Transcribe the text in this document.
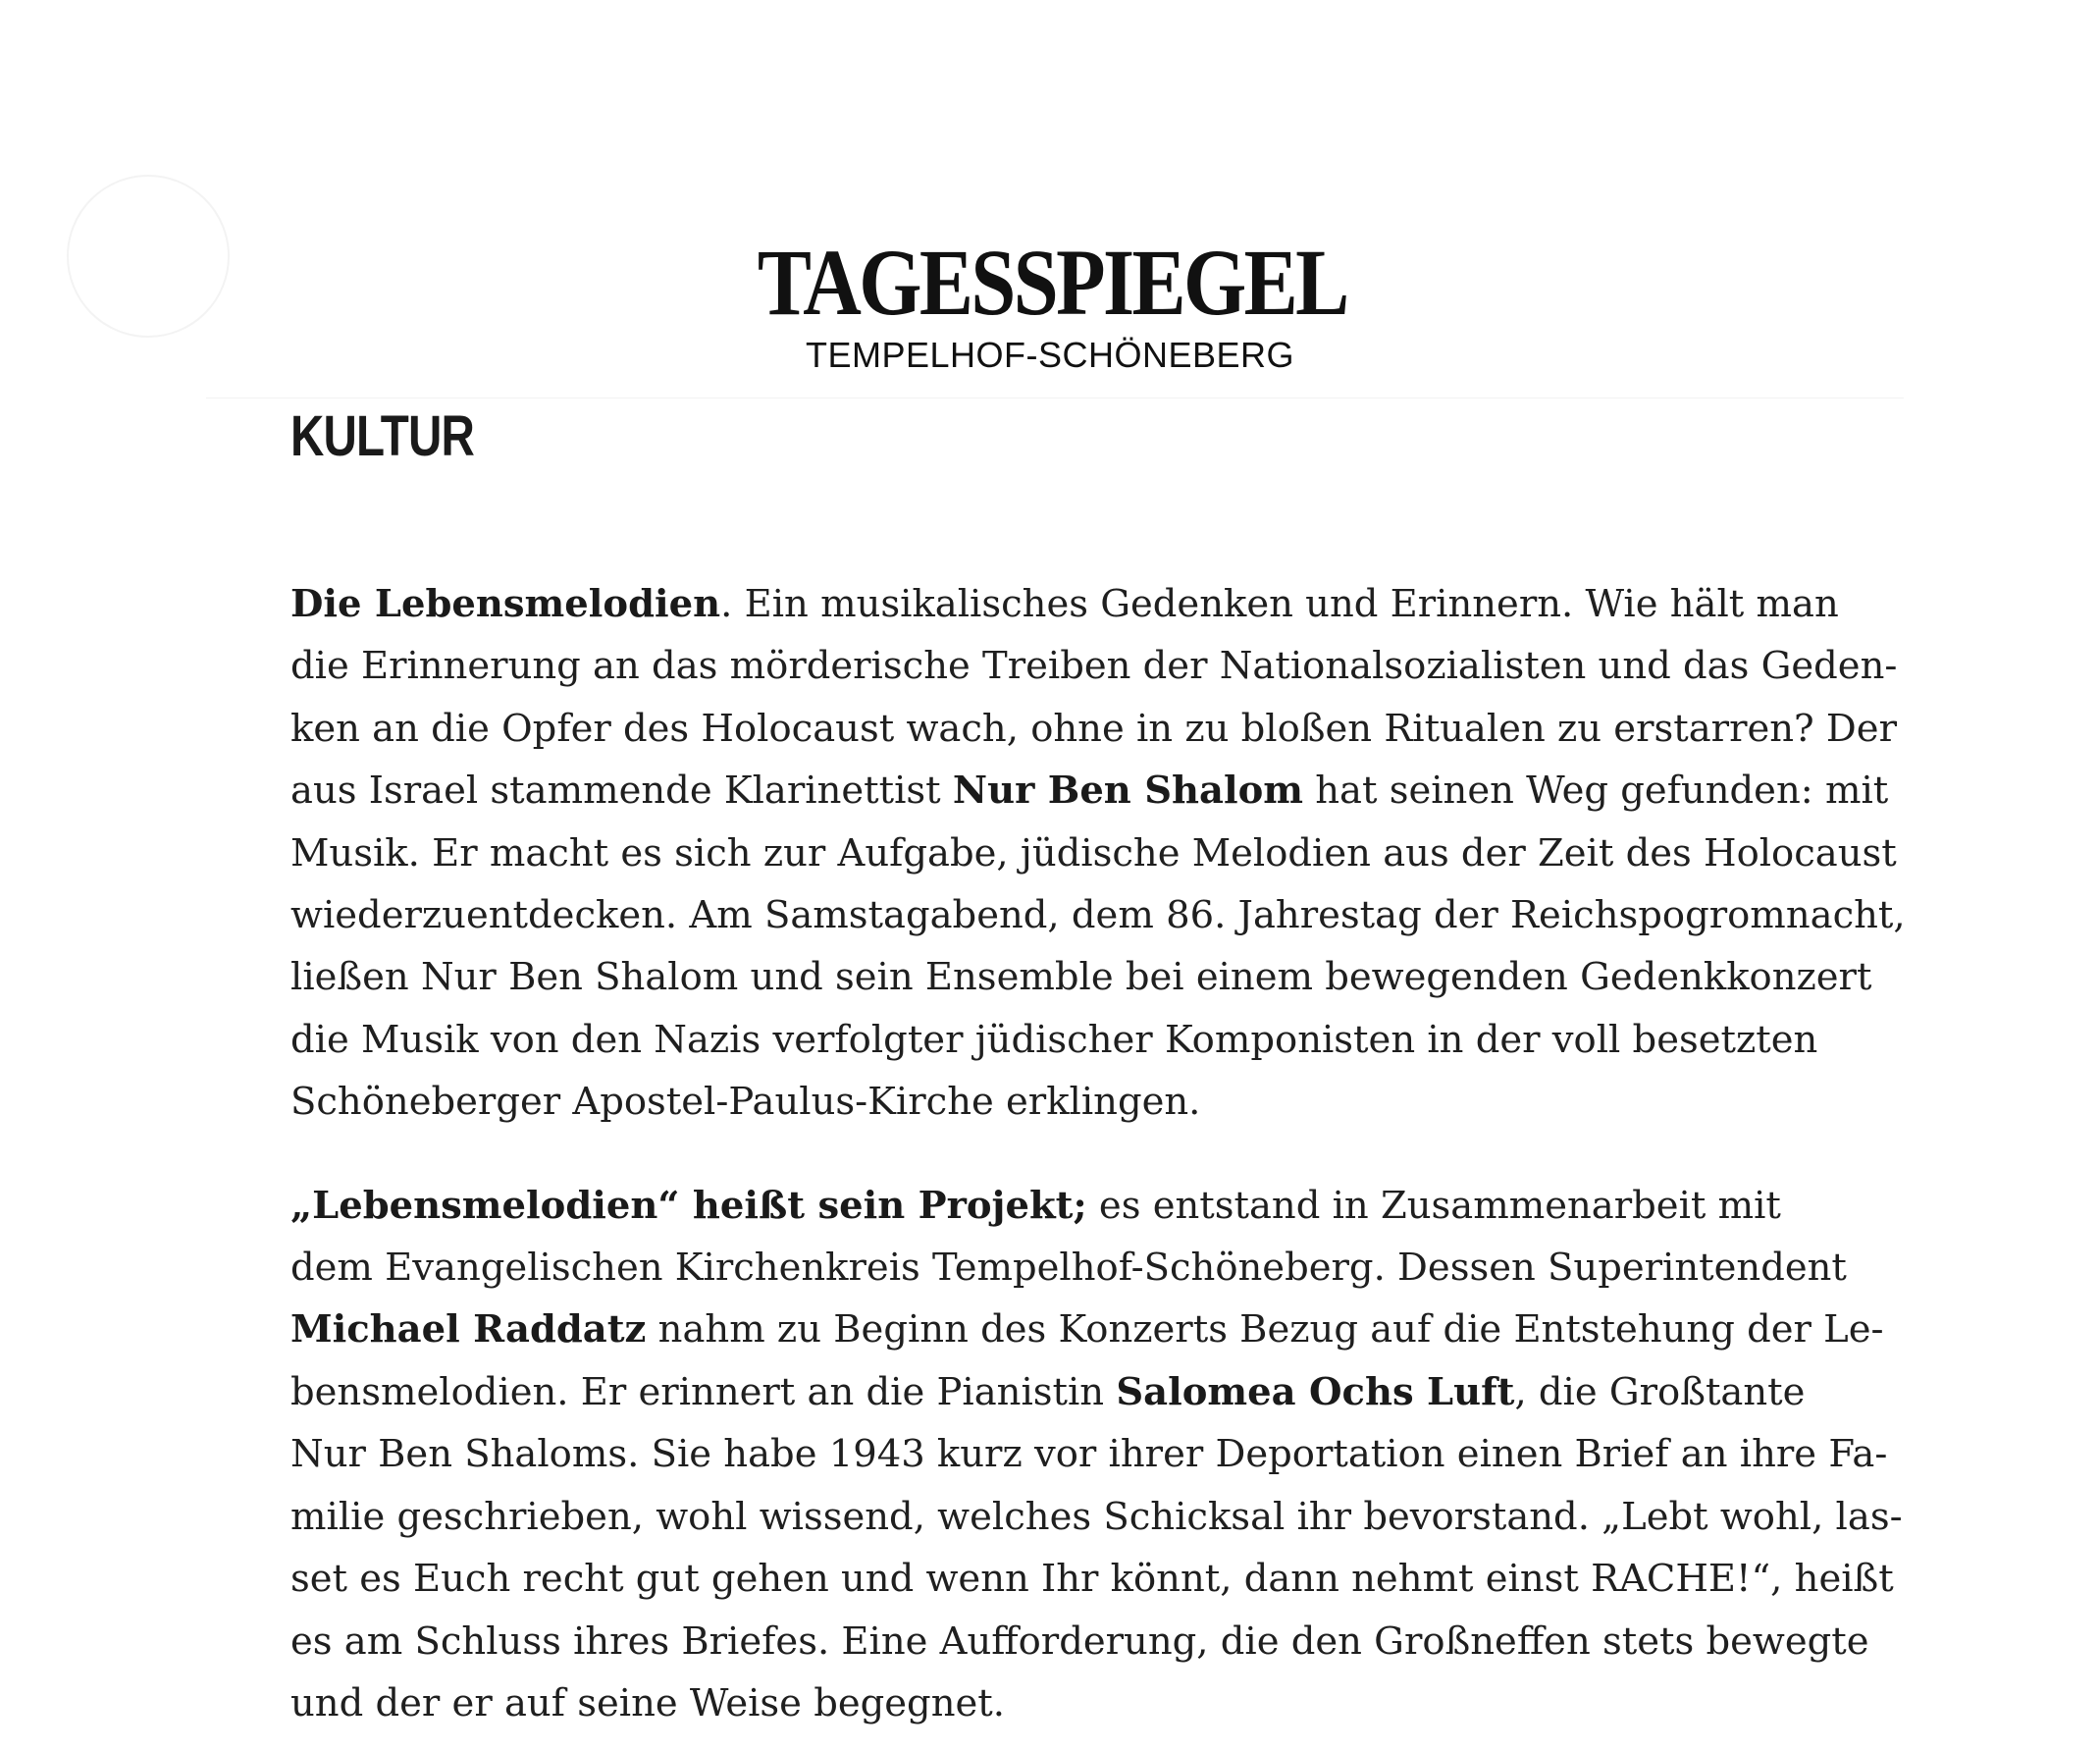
TAGESSPIEGEL
TEMPELHOF-SCHÖNEBERG
KULTUR

Die Lebensmelodien. Ein musikalisches Gedenken und Erinnern. Wie hält man
die Erinnerung an das mörderische Treiben der Nationalsozialisten und das Geden-
ken an die Opfer des Holocaust wach, ohne in zu bloßen Ritualen zu erstarren? Der
aus Israel stammende Klarinettist Nur Ben Shalom hat seinen Weg gefunden: mit
Musik. Er macht es sich zur Aufgabe, jüdische Melodien aus der Zeit des Holocaust
wiederzuentdecken. Am Samstagabend, dem 86. Jahrestag der Reichspogromnacht,
ließen Nur Ben Shalom und sein Ensemble bei einem bewegenden Gedenkkonzert
die Musik von den Nazis verfolgter jüdischer Komponisten in der voll besetzten
Schöneberger Apostel-Paulus-Kirche erklingen.

„Lebensmelodien“ heißt sein Projekt; es entstand in Zusammenarbeit mit
dem Evangelischen Kirchenkreis Tempelhof-Schöneberg. Dessen Superintendent
Michael Raddatz nahm zu Beginn des Konzerts Bezug auf die Entstehung der Le-
bensmelodien. Er erinnert an die Pianistin Salomea Ochs Luft, die Großtante
Nur Ben Shaloms. Sie habe 1943 kurz vor ihrer Deportation einen Brief an ihre Fa-
milie geschrieben, wohl wissend, welches Schicksal ihr bevorstand. „Lebt wohl, las-
set es Euch recht gut gehen und wenn Ihr könnt, dann nehmt einst RACHE!“, heißt
es am Schluss ihres Briefes. Eine Aufforderung, die den Großneffen stets bewegte
und der er auf seine Weise begegnet.
